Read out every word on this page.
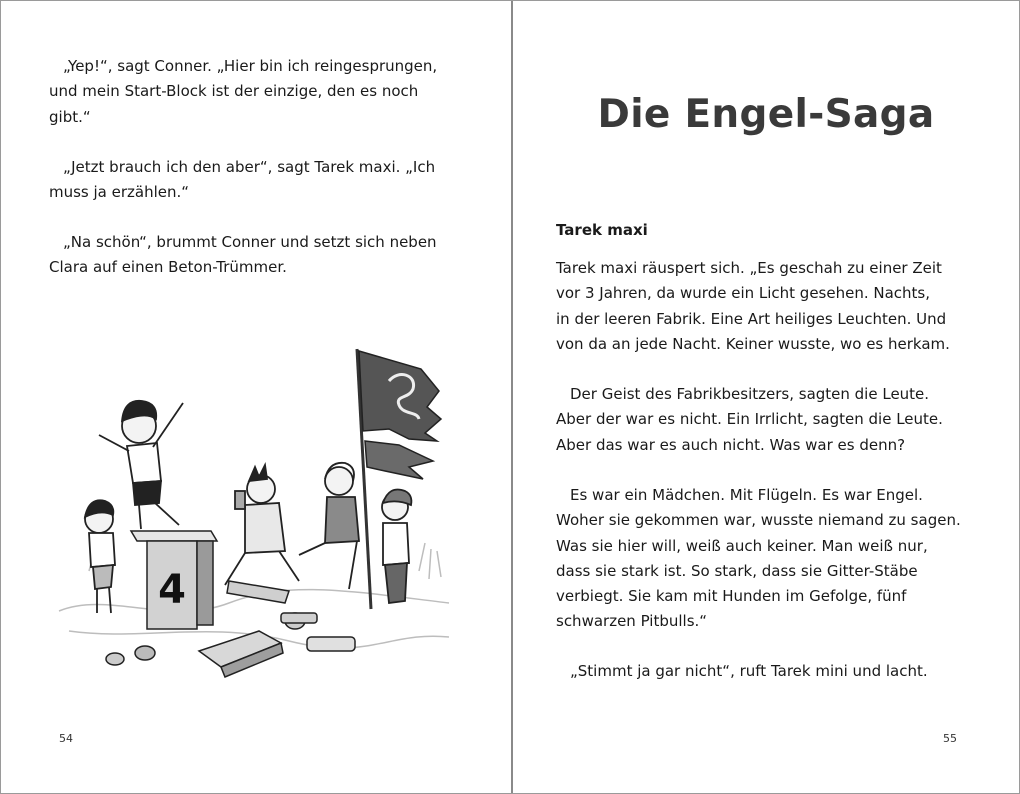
„Yep!“, sagt Conner. „Hier bin ich reingesprungen,
und mein Start-Block ist der einzige, den es noch
gibt.“

„Jetzt brauch ich den aber“, sagt Tarek maxi. „Ich
muss ja erzählen.“

„Na schön“, brummt Conner und setzt sich neben
Clara auf einen Beton-Trümmer.

4
54
Die Engel-Saga
Tarek maxi

Tarek maxi räuspert sich. „Es geschah zu einer Zeit
vor 3 Jahren, da wurde ein Licht gesehen. Nachts,
in der leeren Fabrik. Eine Art heiliges Leuchten. Und
von da an jede Nacht. Keiner wusste, wo es herkam.

Der Geist des Fabrikbesitzers, sagten die Leute.
Aber der war es nicht. Ein Irrlicht, sagten die Leute.
Aber das war es auch nicht. Was war es denn?

Es war ein Mädchen. Mit Flügeln. Es war Engel.
Woher sie gekommen war, wusste niemand zu sagen.
Was sie hier will, weiß auch keiner. Man weiß nur,
dass sie stark ist. So stark, dass sie Gitter-Stäbe
verbiegt. Sie kam mit Hunden im Gefolge, fünf
schwarzen Pitbulls.“

„Stimmt ja gar nicht“, ruft Tarek mini und lacht.

55
